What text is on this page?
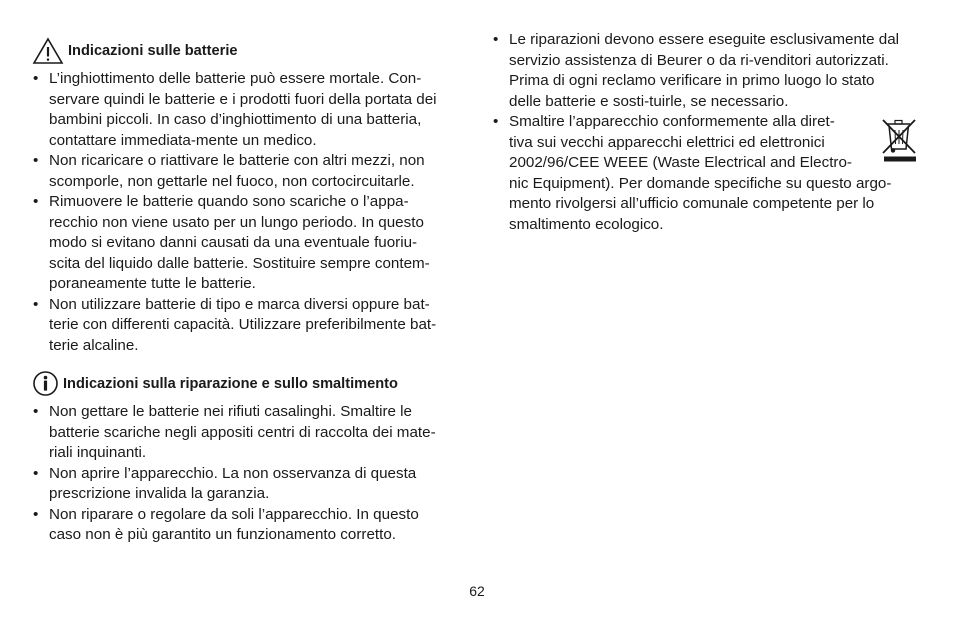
Indicazioni sulle batterie
• L’inghiottimento delle batterie può essere mortale. Con-
servare quindi le batterie e i prodotti fuori della portata dei
bambini piccoli. In caso d’inghiottimento di una batteria,
contattare immediata-mente un medico.
• Non ricaricare o riattivare le batterie con altri mezzi, non
scomporle, non gettarle nel fuoco, non cortocircuitarle.
• Rimuovere le batterie quando sono scariche o l’appa-
recchio non viene usato per un lungo periodo. In questo
modo si evitano danni causati da una eventuale fuoriu-
scita del liquido dalle batterie. Sostituire sempre contem-
poraneamente tutte le batterie.
• Non utilizzare batterie di tipo e marca diversi oppure bat-
terie con differenti capacità. Utilizzare preferibilmente bat-
terie alcaline.
Indicazioni sulla riparazione e sullo smaltimento
• Non gettare le batterie nei rifiuti casalinghi. Smaltire le
batterie scariche negli appositi centri di raccolta dei mate-
riali inquinanti.
• Non aprire l’apparecchio. La non osservanza di questa
prescrizione invalida la garanzia.
• Non riparare o regolare da soli l’apparecchio. In questo
caso non è più garantito un funzionamento corretto.
• Le riparazioni devono essere eseguite esclusivamente dal
servizio assistenza di Beurer o da ri-venditori autorizzati.
Prima di ogni reclamo verificare in primo luogo lo stato
delle batterie e sosti-tuirle, se necessario.
• Smaltire l’apparecchio conformemente alla diret-
tiva sui vecchi apparecchi elettrici ed elettronici
2002/96/CEE WEEE (Waste Electrical and Electro-
nic Equipment). Per domande specifiche su questo argo-
mento rivolgersi all’ufficio comunale competente per lo
smaltimento ecologico.
62
